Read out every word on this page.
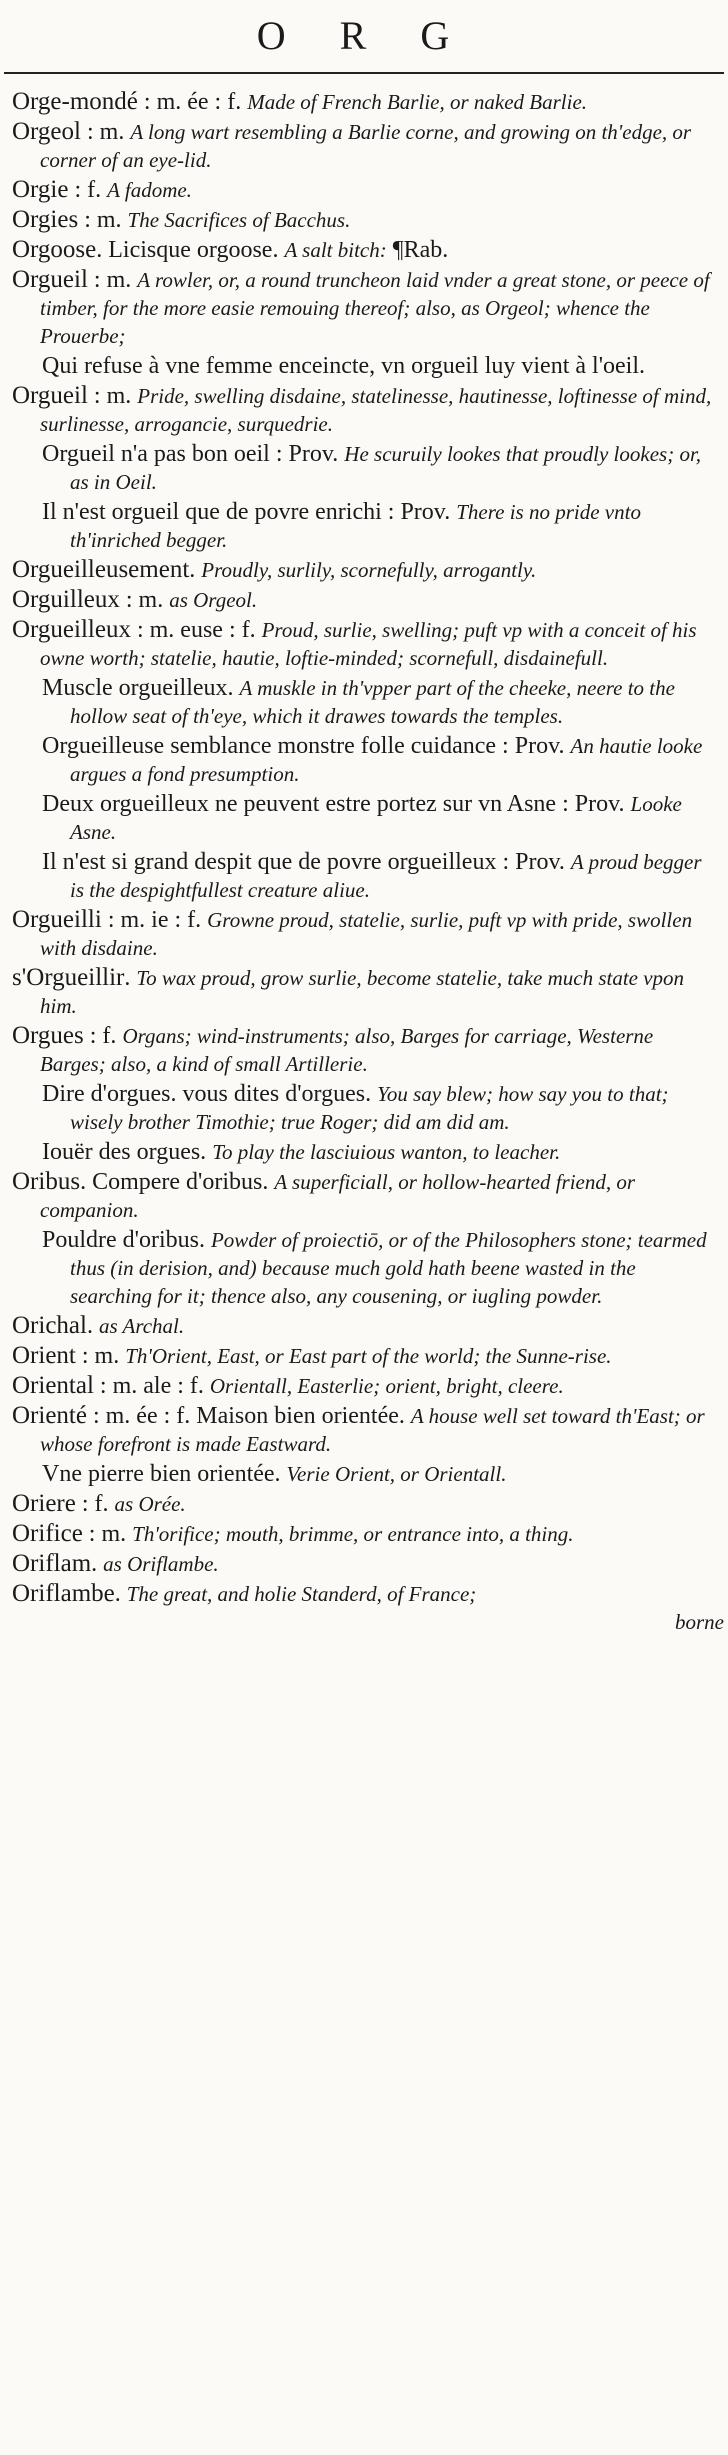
O R G
Orge-mondé : m. ée : f. Made of French Barlie, or naked Barlie.
Orgeol : m. A long wart resembling a Barlie corne, and growing on th'edge, or corner of an eye-lid.
Orgie : f. A fadome.
Orgies : m. The Sacrifices of Bacchus.
Orgoose. Licisque orgoose. A salt bitch: ¶Rab.
Orgueil : m. A rowler, or, a round truncheon laid vnder a great stone, or peece of timber, for the more easie remouing thereof; also, as Orgeol; whence the Prouerbe;
Qui refuse à vne femme enceincte, vn orgueil luy vient à l'oeil.
Orgueil : m. Pride, swelling disdaine, statelinesse, hautinesse, loftinesse of mind, surlinesse, arrogancie, surquedrie.
Orgueil n'a pas bon oeil : Prov. He scuruily lookes that proudly lookes; or, as in Oeil.
Il n'est orgueil que de povre enrichi : Prov. There is no pride vnto th'inriched begger.
Orgueilleusement. Proudly, surlily, scornefully, arrogantly.
Orguilleux : m. as Orgeol.
Orgueilleux : m. euse : f. Proud, surlie, swelling; puft vp with a conceit of his owne worth; statelie, hautie, loftie-minded; scornefull, disdainefull.
Muscle orgueilleux. A muskle in th'vpper part of the cheeke, neere to the hollow seat of th'eye, which it drawes towards the temples.
Orgueilleuse semblance monstre folle cuidance : Prov. An hautie looke argues a fond presumption.
Deux orgueilleux ne peuvent estre portez sur vn Asne : Prov. Looke Asne.
Il n'est si grand despit que de povre orgueilleux : Prov. A proud begger is the despightfullest creature aliue.
Orgueilli : m. ie : f. Growne proud, statelie, surlie, puft vp with pride, swollen with disdaine.
s'Orgueillir. To wax proud, grow surlie, become statelie, take much state vpon him.
Orgues : f. Organs; wind-instruments; also, Barges for carriage, Westerne Barges; also, a kind of small Artillerie.
Dire d'orgues. vous dites d'orgues. You say blew; how say you to that; wisely brother Timothie; true Roger; did am did am.
Iouër des orgues. To play the lasciuious wanton, to leacher.
Oribus. Compere d'oribus. A superficiall, or hollow-hearted friend, or companion.
Pouldre d'oribus. Powder of proiectiō, or of the Philosophers stone; tearmed thus (in derision, and) because much gold hath beene wasted in the searching for it; thence also, any cousening, or iugling powder.
Orichal. as Archal.
Orient : m. Th'Orient, East, or East part of the world; the Sunne-rise.
Oriental : m. ale : f. Orientall, Easterlie; orient, bright, cleere.
Orienté : m. ée : f. Maison bien orientée. A house well set toward th'East; or whose forefront is made Eastward.
Vne pierre bien orientée. Verie Orient, or Orientall.
Oriere : f. as Orée.
Orifice : m. Th'orifice; mouth, brimme, or entrance into, a thing.
Oriflam. as Oriflambe.
Oriflambe. The great, and holie Standerd, of France;
borne
